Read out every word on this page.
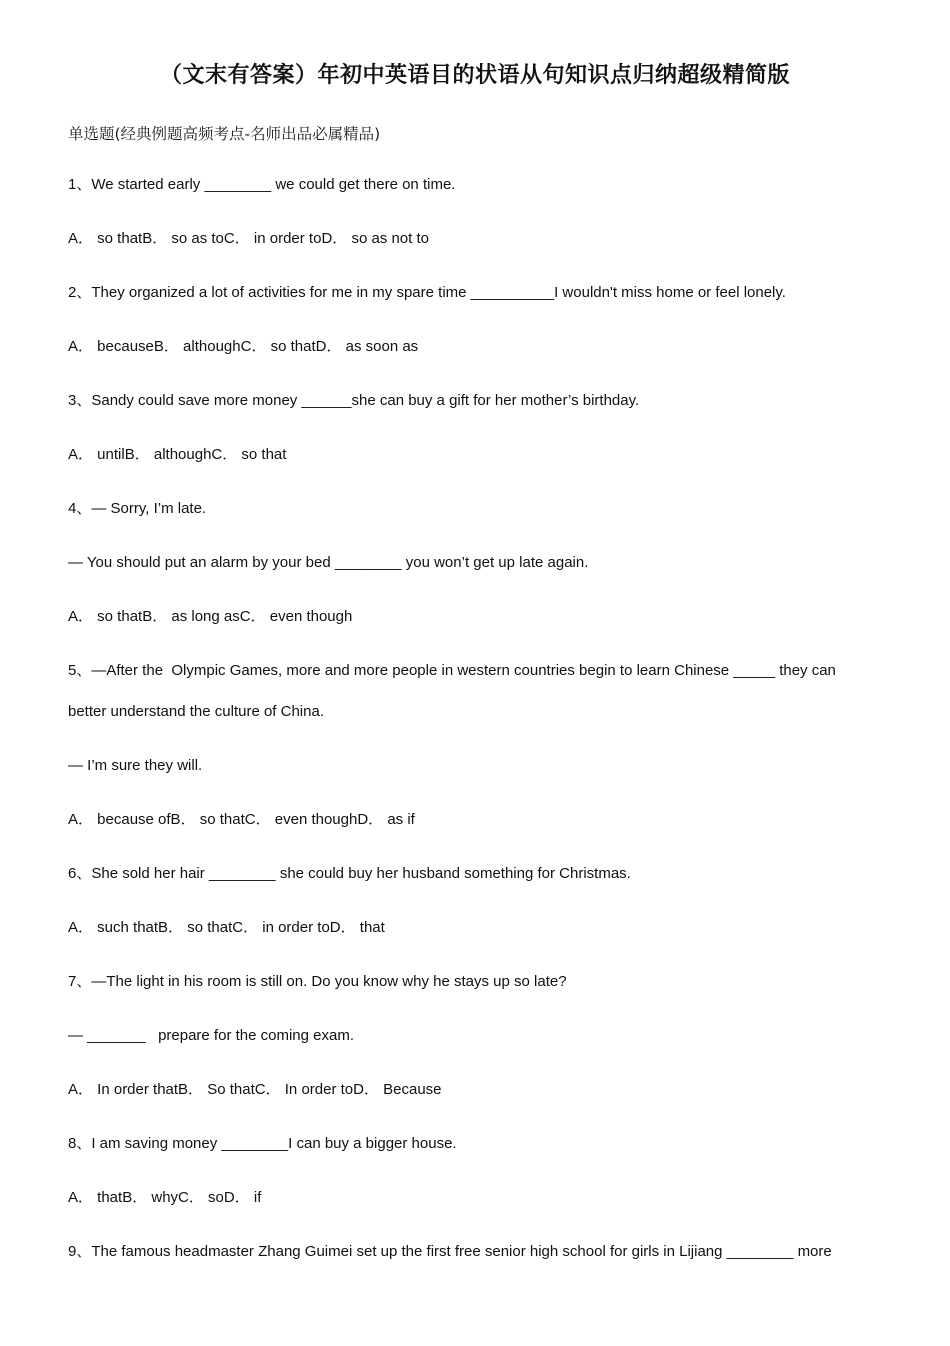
（文末有答案）年初中英语目的状语从句知识点归纳超级精简版
单选题(经典例题高频考点-名师出品必属精品)
1、We started early ________ we could get there on time.
A． so thatB． so as toC． in order toD． so as not to
2、They organized a lot of activities for me in my spare time __________I wouldn't miss home or feel lonely.
A． becauseB． althoughC． so thatD． as soon as
3、Sandy could save more money ______she can buy a gift for her mother’s birthday.
A． untilB． althoughC． so that
4、— Sorry, I’m late.
— You should put an alarm by your bed ________ you won’t get up late again.
A． so thatB． as long asC． even though
5、—After the  Olympic Games, more and more people in western countries begin to learn Chinese _____ they can
better understand the culture of China.
— I’m sure they will.
A． because ofB． so thatC． even thoughD． as if
6、She sold her hair ________ she could buy her husband something for Christmas.
A． such thatB． so thatC． in order toD． that
7、—The light in his room is still on. Do you know why he stays up so late?
— _______   prepare for the coming exam.
A． In order thatB． So thatC． In order toD． Because
8、I am saving money ________I can buy a bigger house.
A． thatB． whyC． soD． if
9、The famous headmaster Zhang Guimei set up the first free senior high school for girls in Lijiang ________ more
